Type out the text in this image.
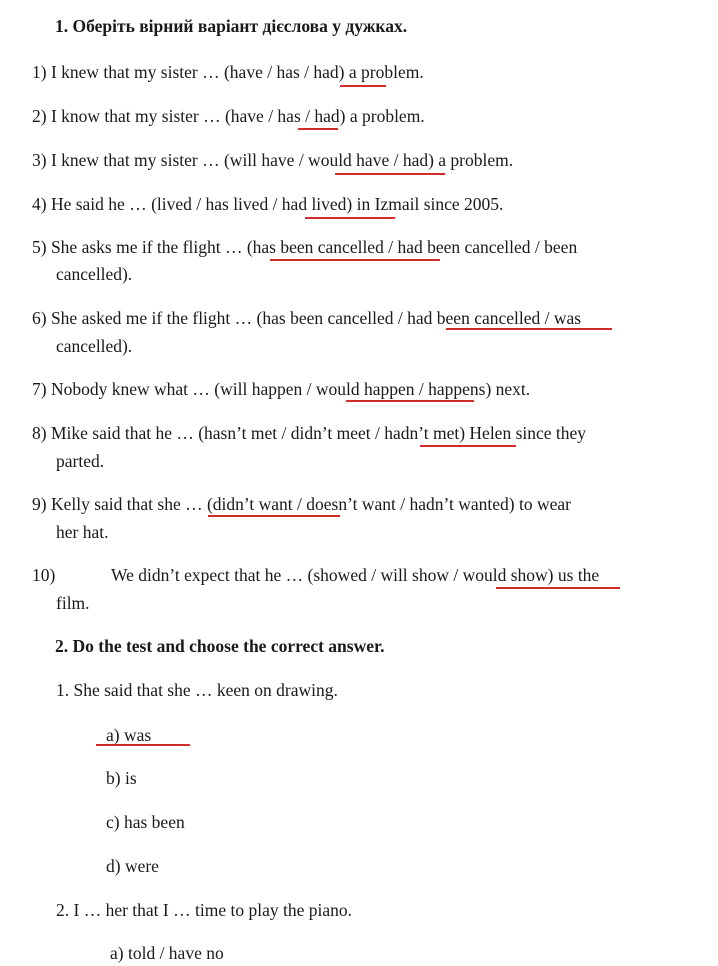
1. Оберіть вірний варіант дієслова у дужках.
1) I knew that my sister … (have / has / had) a problem.
2) I know that my sister … (have / has / had) a problem.
3) I knew that my sister … (will have / would have / had) a problem.
4) He said he … (lived / has lived / had lived) in Izmail since 2005.
5) She asks me if the flight … (has been cancelled / had been cancelled / been
cancelled).
6) She asked me if the flight … (has been cancelled / had been cancelled / was
cancelled).
7) Nobody knew what … (will happen / would happen / happens) next.
8) Mike said that he … (hasn’t met / didn’t meet / hadn’t met) Helen since they
parted.
9) Kelly said that she … (didn’t want / doesn’t want / hadn’t wanted) to wear
her hat.
10)	We didn’t expect that he … (showed / will show / would show) us the
film.
2. Do the test and choose the correct answer.
1. She said that she … keen on drawing.
a) was
b) is
c) has been
d) were
2. I … her that I … time to play the piano.
a) told / have no
